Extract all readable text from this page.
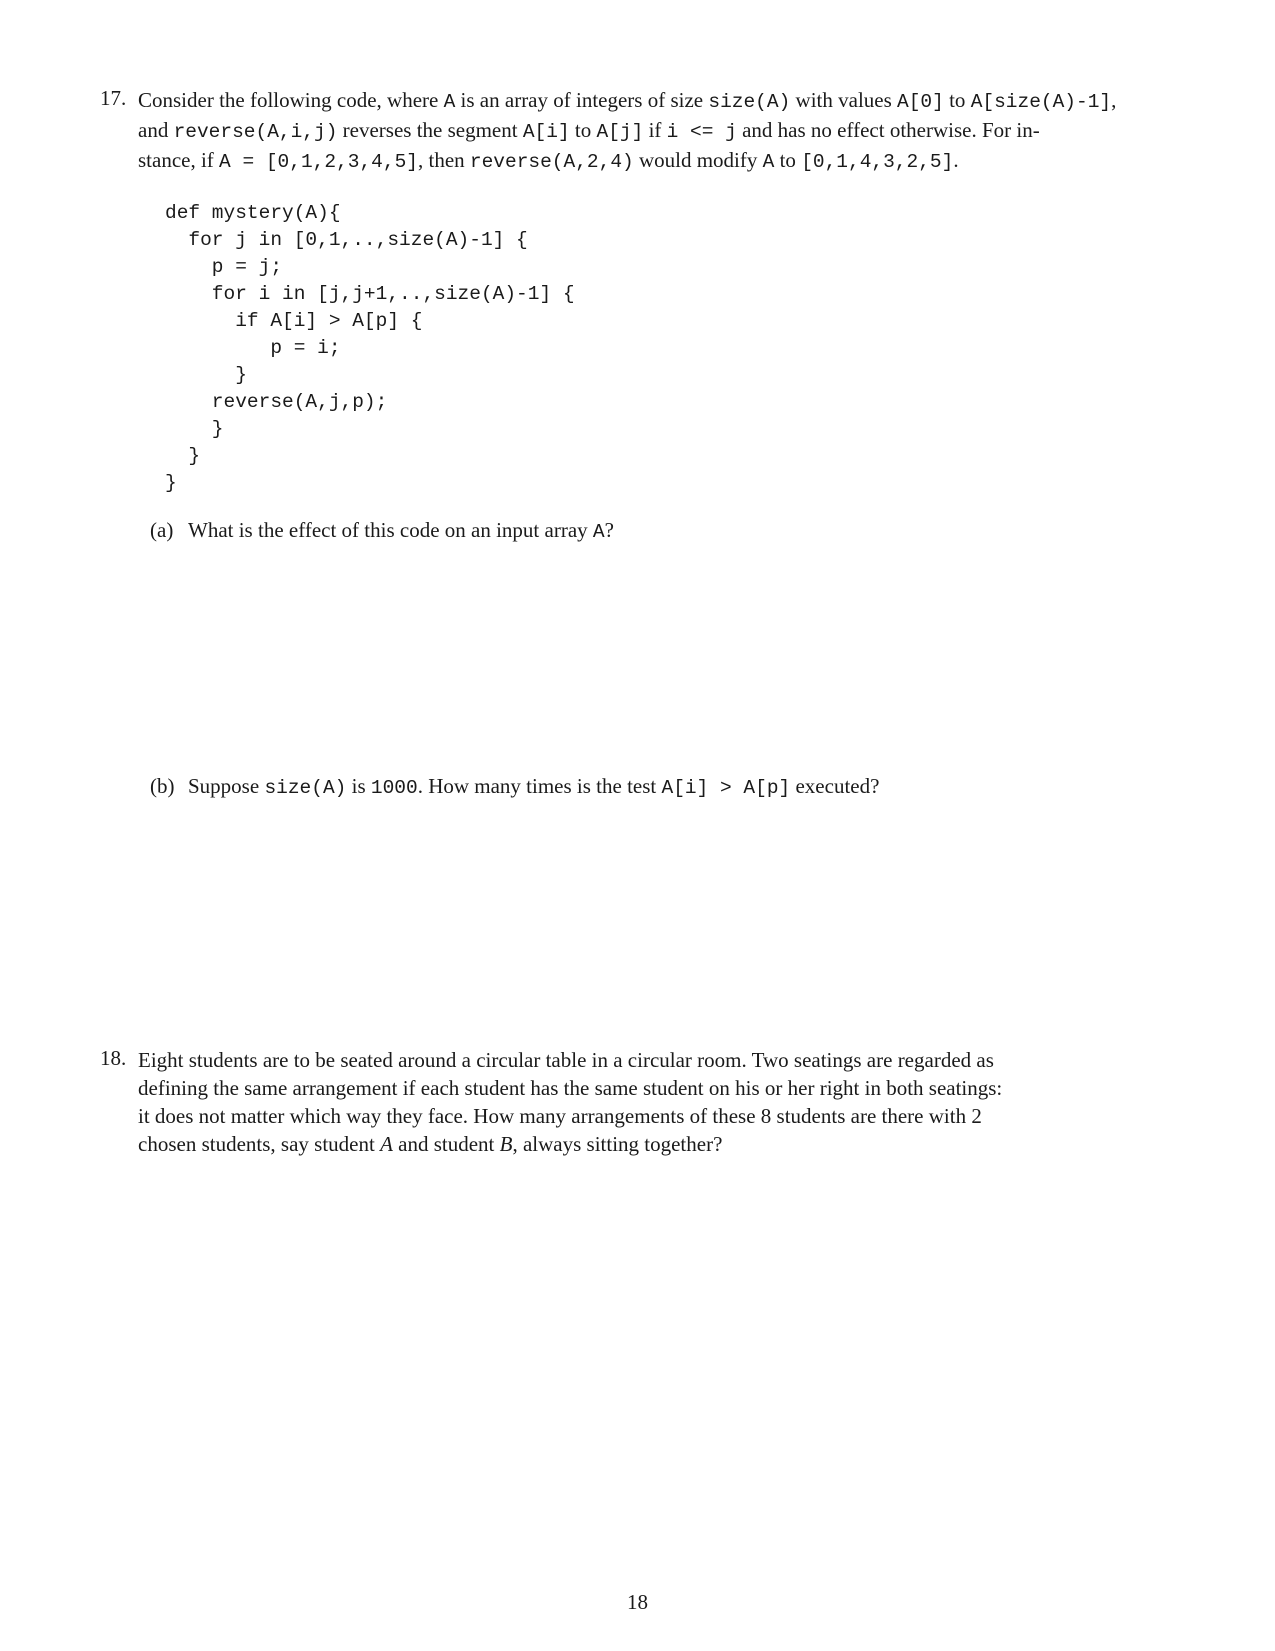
17. Consider the following code, where A is an array of integers of size size(A) with values A[0] to A[size(A)-1],
and reverse(A,i,j) reverses the segment A[i] to A[j] if i <= j and has no effect otherwise. For in-
stance, if A = [0,1,2,3,4,5], then reverse(A,2,4) would modify A to [0,1,4,3,2,5].
def mystery(A){
for j in [0,1,..,size(A)-1] {
p = j;
for i in [j,j+1,..,size(A)-1] {
if A[i] > A[p] {
p = i;
}
reverse(A,j,p);
}
}
}
(a) What is the effect of this code on an input array A?
(b) Suppose size(A) is 1000. How many times is the test A[i] > A[p] executed?
18. Eight students are to be seated around a circular table in a circular room. Two seatings are regarded as
defining the same arrangement if each student has the same student on his or her right in both seatings:
it does not matter which way they face. How many arrangements of these 8 students are there with 2
chosen students, say student A and student B, always sitting together?
18
